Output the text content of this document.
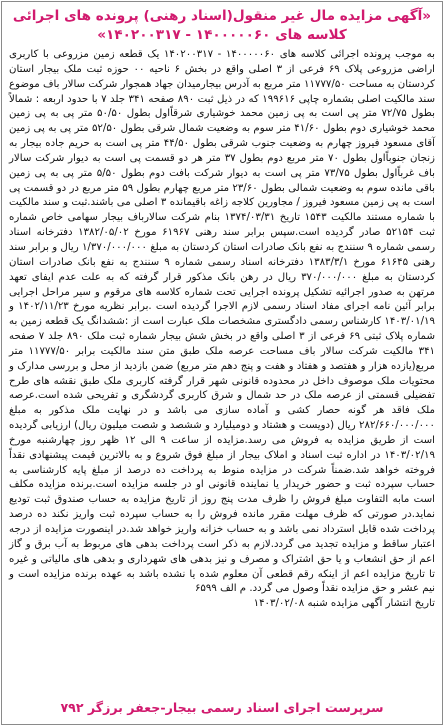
«آگهی مزایده مال غیر منقول(اسناد رهنی) پرونده های اجرائی کلاسه های ۱۴۰۰۰۰۰۶۰ - ۱۴۰۲۰۰۳۱۷»
به موجب پرونده اجرائی کلاسه های ۱۴۰۰۰۰۰۶۰ - ۱۴۰۲۰۰۳۱۷ یک قطعه زمین مزروعی با کاربری اراضی مزروعی پلاک ۶۹ فرعی از ۳ اصلی واقع در بخش ۶ ناحیه ۰۰ حوزه ثبت ملک بیجار استان کردستان به مساحت ۱۱۷۷۷/۵۰ متر مربع به آدرس بیجارمیدان جهاد همجوار شرکت سالار باف موضوع سند مالکیت اصلی بشماره چاپی ۱۹۹۶۱۶ که در ذیل ثبت ۸۹۰ صفحه ۳۴۱ جلد ۷ با حدود اربعه : شمالاً بطول ۷۲/۷۵ متر پی است به پی زمین محمد خوشیاری شرقاًاول بطول ۵۰/۵۰ متر پی به پی زمین محمد خوشیاری دوم بطول ۴۱/۶۰ متر سوم به وضعیت شمال شرقی بطول ۵۲/۵۰ متر پی به پی زمین آقای مسعود فیروز چهارم به وضعیت جنوب شرقی بطول ۴۴/۵۰ متر پی است به حریم جاده بیجار به زنجان جنوباًاول بطول ۷۰ متر مربع دوم بطول ۳۷ متر هر دو قسمت پی است به دیوار شرکت سالار باف غرباًاول بطول ۷۳/۷۵ متر پی است به دیوار شرکت بافت دوم بطول ۵/۵۰ متر پی به پی زمین باقی مانده سوم به وضعیت شمالی بطول ۲۳/۶۰ متر مربع چهارم بطول ۵۹ متر مربع در دو قسمت پی است به پی زمین مسعود فیروز / مجاورین کلاجه‌ زاغه باقیمانده ۳ اصلی می باشند.ثبت و سند مالکیت با شماره مستند مالکیت ۱۵۴۳ تاریخ ۱۳۷۴/۰۳/۳۱ بنام شرکت سالارباف بیجار سهامی خاص شماره ثبت ۵۲۱۵۴ صادر گردیده است.سپس برابر سند رهنی ۶۱۹۶۷ مورخ ۱۳۸۲/۰۵/۰۲ دفترخانه اسناد رسمی شماره ۹ سنندج به نفع بانک صادرات استان کردستان به مبلغ ۱/۳۷۰/۰۰۰/۰۰۰ ریال و برابر سند رهنی ۶۱۶۴۵ مورخ ۱۳۸۳/۳/۱ دفترخانه اسناد رسمی شماره ۹ سنندج به نفع بانک صادرات استان کردستان به مبلغ ۳۷۰/۰۰۰/۰۰۰ ریال در رهن بانک مذکور قرار گرفته که به علت عدم ایفای تعهد مرتهن به صدور اجرائیه تشکیل پرونده اجرایی تحت شماره کلاسه های مرقوم و سیر مراحل اجرایی برابر آئین نامه اجرای مفاد اسناد رسمی لازم الاجرا گردیده است .برابر نظریه مورخ ۱۴۰۲/۱۱/۲۳ و ۱۴۰۳/۰۱/۱۹ کارشناس رسمی دادگستری مشخصات ملک عبارت است از :ششدانگ یک قطعه زمین به شماره پلاک ثبتی ۶۹ فرعی از ۳ اصلی واقع در بخش شش بیجار شماره ثبت ملک ۸۹۰ جلد ۷ صفحه ۳۴۱ مالکیت شرکت سالار باف مساحت عرصه ملک طبق متن سند مالکیت برابر ۱۱۷۷۷/۵۰ متر مربع(یازده هزار و هفتصد و هفتاد و هفت و پنج دهم متر مربع) ضمن بازدید از محل و بررسی مدارک و محتویات ملک موصوف داخل در محدوده قانونی شهر قرار گرفته کاربری ملک طبق نقشه های طرح تفضیلی قسمتی از عرصه ملک در حد شمال و شرق کاربری گردشگری و تفریحی شده است.عرصه ملک فاقد هر گونه حصار کشی و آماده سازی می باشد و در نهایت ملک مذکور به مبلغ ۲۸۲/۶۶۰/۰۰۰/۰۰۰ ریال (دویست و هشتاد و دومیلیارد و ششصد و شصت میلیون ریال) ارزیابی گردیده است از طریق مزایده به فروش می رسد.مزایده از ساعت ۹ الی ۱۲ ظهر روز چهارشنبه مورخ ۱۴۰۳/۰۲/۱۹ در اداره ثبت اسناد و املاک بیجار از مبلغ فوق شروع و به بالاترین قیمت پیشنهادی نقداً فروخته خواهد شد.ضمناً شرکت در مزایده منوط به پرداخت ده درصد از مبلغ پایه کارشناسی به حساب سپرده ثبت و حضور خریدار یا نماینده قانونی او در جلسه مزایده است.برنده مزایده مکلف است مابه التفاوت مبلغ فروش را ظرف مدت پنج روز از تاریخ مزایده به حساب صندوق ثبت تودیع نماید.در صورتی که ظرف مهلت مقرر مانده فروش را به حساب سپرده ثبت واریز نکند ده درصد پرداخت شده قابل استرداد نمی باشد و به حساب خزانه واریز خواهد شد.در اینصورت مزایده از درجه اعتبار ساقط و مزایده تجدید می گردد.لازم به ذکر است پرداخت بدهی های مربوط به آب برق و گاز اعم از حق انشعاب و یا حق اشتراک و مصرف و نیز بدهی های شهرداری و بدهی های مالیاتی و غیره تا تاریخ مزایده اعم از اینکه رقم قطعی آن معلوم شده یا نشده باشد به عهده برنده مزایده است و نیم عشر و حق مزایده نقداً وصول می گردد. م الف ۶۵۹۹
تاریخ انتشار آگهی مزایده شنبه ۱۴۰۳/۰۲/۰۸
سرپرست اجرای اسناد رسمی بیجار-جعفر برزگر ۷۹۲
